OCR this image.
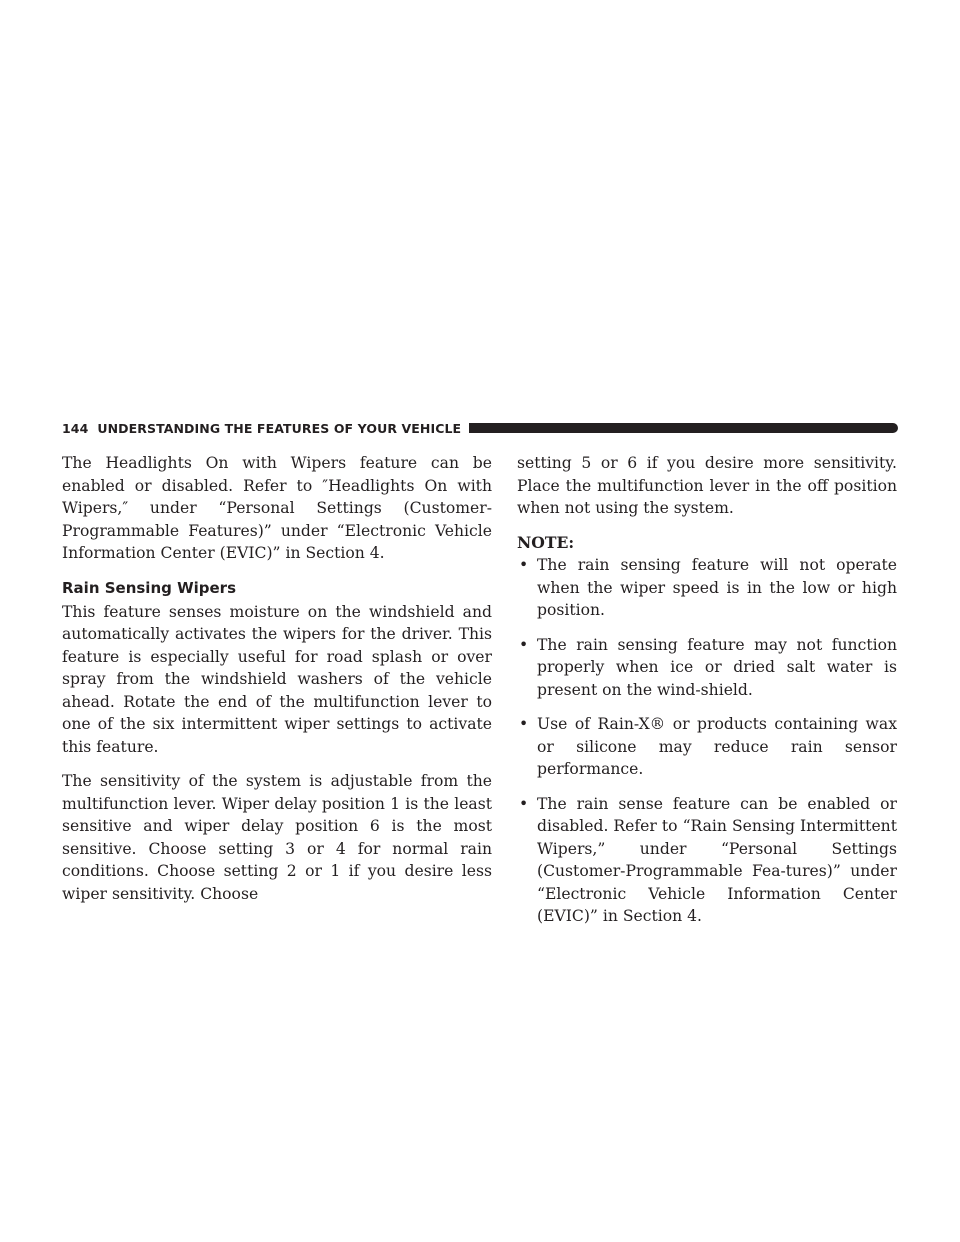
144 UNDERSTANDING THE FEATURES OF YOUR VEHICLE

The Headlights On with Wipers feature can be enabled or disabled. Refer to ″Headlights On with Wipers,″ under “Personal Settings (Customer-Programmable Features)” under “Electronic Vehicle Information Center (EVIC)” in Section 4.

Rain Sensing Wipers

This feature senses moisture on the windshield and automatically activates the wipers for the driver. This feature is especially useful for road splash or over spray from the windshield washers of the vehicle ahead. Rotate the end of the multifunction lever to one of the six intermittent wiper settings to activate this feature.

The sensitivity of the system is adjustable from the multifunction lever. Wiper delay position 1 is the least sensitive and wiper delay position 6 is the most sensitive. Choose setting 3 or 4 for normal rain conditions. Choose setting 2 or 1 if you desire less wiper sensitivity. Choose

setting 5 or 6 if you desire more sensitivity. Place the multifunction lever in the off position when not using the system.

NOTE:

• The rain sensing feature will not operate when the wiper speed is in the low or high position.
• The rain sensing feature may not function properly when ice or dried salt water is present on the wind-shield.
• Use of Rain-X® or products containing wax or silicone may reduce rain sensor performance.
• The rain sense feature can be enabled or disabled. Refer to “Rain Sensing Intermittent Wipers,” under “Personal Settings (Customer-Programmable Fea-tures)” under “Electronic Vehicle Information Center (EVIC)” in Section 4.
